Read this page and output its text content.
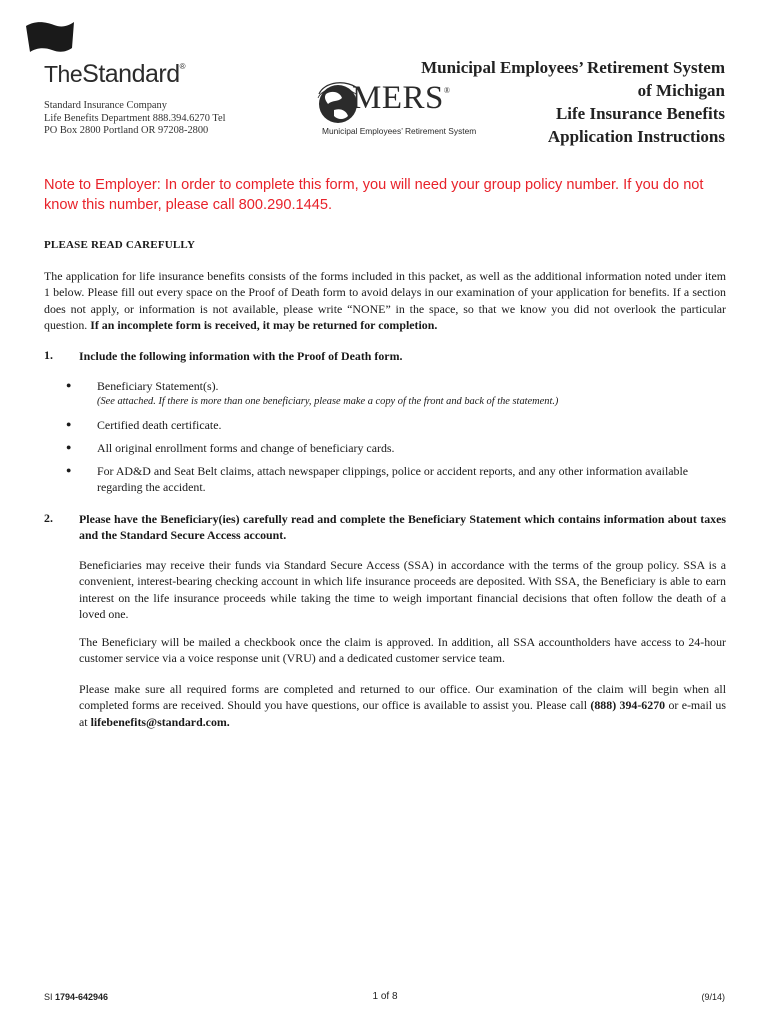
TheStandard®
Standard Insurance Company
Life Benefits Department 888.394.6270 Tel
PO Box 2800 Portland OR 97208-2800
MERS®
Municipal Employees’ Retirement System
Municipal Employees’ Retirement System
of Michigan
Life Insurance Benefits
Application Instructions
Note to Employer: In order to complete this form, you will need your group policy number. If you do not know this number, please call 800.290.1445.
PLEASE READ CAREFULLY
The application for life insurance benefits consists of the forms included in this packet, as well as the additional information noted under item 1 below. Please fill out every space on the Proof of Death form to avoid delays in our examination of your application for benefits. If a section does not apply, or information is not available, please write “NONE” in the space, so that we know you did not overlook the particular question. If an incomplete form is received, it may be returned for completion.
1. Include the following information with the Proof of Death form.
● Beneficiary Statement(s).
(See attached. If there is more than one beneficiary, please make a copy of the front and back of the statement.)
● Certified death certificate.
● All original enrollment forms and change of beneficiary cards.
● For AD&D and Seat Belt claims, attach newspaper clippings, police or accident reports, and any other information available regarding the accident.
2. Please have the Beneficiary(ies) carefully read and complete the Beneficiary Statement which contains information about taxes and the Standard Secure Access account.
Beneficiaries may receive their funds via Standard Secure Access (SSA) in accordance with the terms of the group policy. SSA is a convenient, interest-bearing checking account in which life insurance proceeds are deposited. With SSA, the Beneficiary is able to earn interest on the life insurance proceeds while taking the time to weigh important financial decisions that often follow the death of a loved one.
The Beneficiary will be mailed a checkbook once the claim is approved. In addition, all SSA accountholders have access to 24-hour customer service via a voice response unit (VRU) and a dedicated customer service team.
Please make sure all required forms are completed and returned to our office. Our examination of the claim will begin when all completed forms are received. Should you have questions, our office is available to assist you. Please call (888) 394-6270 or e-mail us at lifebenefits@standard.com.
SI 1794-642946	1 of 8	(9/14)
